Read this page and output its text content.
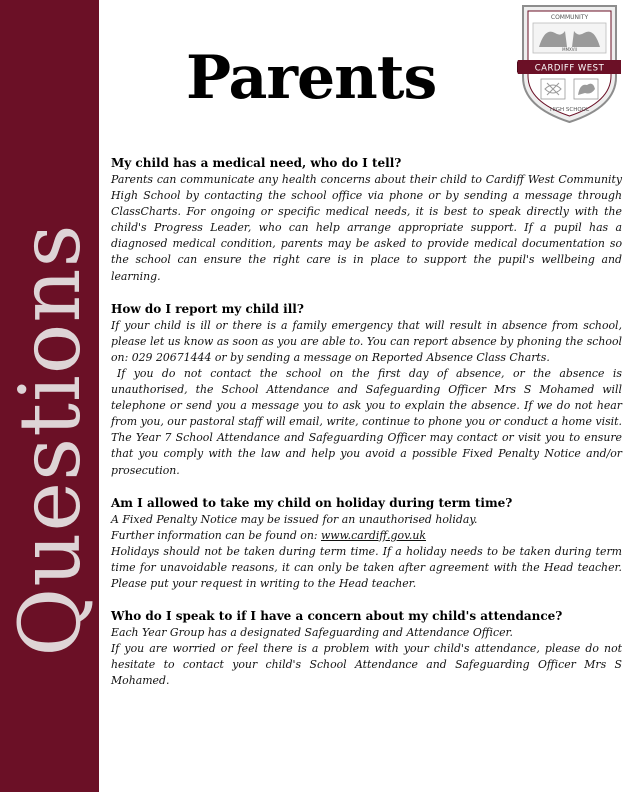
Questions
Parents
COMMUNITY
MMXVII
CARDIFF WEST
HIGH SCHOOL

My child has a medical need, who do I tell?

Parents can communicate any health concerns about their child to Cardiff West Community High School by contacting the school office via phone or by sending a message through ClassCharts. For ongoing or specific medical needs, it is best to speak directly with the child's Progress Leader, who can help arrange appropriate support. If a pupil has a diagnosed medical condition, parents may be asked to provide medical documentation so the school can ensure the right care is in place to support the pupil's wellbeing and learning.

How do I report my child ill?

If your child is ill or there is a family emergency that will result in absence from school, please let us know as soon as you are able to. You can report absence by phoning the school on: 029 20671444 or by sending a message on Reported Absence Class Charts.

If you do not contact the school on the first day of absence, or the absence is unauthorised, the School Attendance and Safeguarding Officer Mrs S Mohamed will telephone or send you a message you to ask you to explain the absence. If we do not hear from you, our pastoral staff will email, write, continue to phone you or conduct a home visit. The Year 7 School Attendance and Safeguarding Officer may contact or visit you to ensure that you comply with the law and help you avoid a possible Fixed Penalty Notice and/or prosecution.

Am I allowed to take my child on holiday during term time?

A Fixed Penalty Notice may be issued for an unauthorised holiday.

Further information can be found on: www.cardiff.gov.uk

Holidays should not be taken during term time. If a holiday needs to be taken during term time for unavoidable reasons, it can only be taken after agreement with the Head teacher. Please put your request in writing to the Head teacher.

Who do I speak to if I have a concern about my child's attendance?

Each Year Group has a designated Safeguarding and Attendance Officer.

If you are worried or feel there is a problem with your child's attendance, please do not hesitate to contact your child's School Attendance and Safeguarding Officer Mrs S Mohamed.
